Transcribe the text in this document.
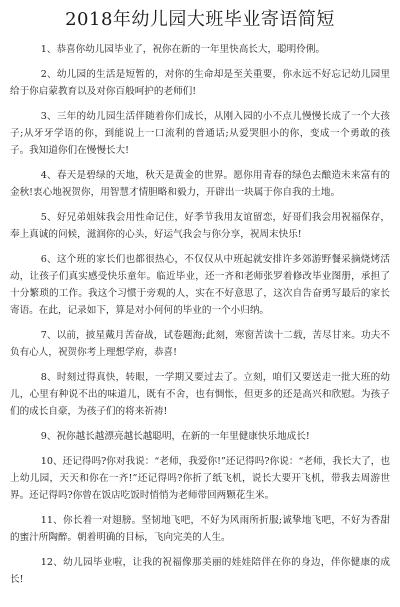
2018年幼儿园大班毕业寄语简短

1、恭喜你幼儿园毕业了，祝你在新的一年里快高长大，聪明伶俐。

2、幼儿园的生活是短暂的，对你的生命却是至关重要，你永远不好忘记幼儿园里给于你启蒙教育以及对你百般呵护的老师们!

3、三年的幼儿园生活伴随着你们成长，从刚入园的小不点儿慢慢长成了一个大孩子;从牙牙学语的你，到能说上一口流利的普通话;从爱哭胆小的你，变成一个勇敢的孩子。我知道你们在慢慢长大!

4、春天是碧绿的天地，秋天是黄金的世界。愿你用青春的绿色去酿造未来富有的金秋!衷心地祝贺你，用智慧才情胆略和毅力，开辟出一块属于你自我的土地。

5、好兄弟姐妹我会用性命记住，好季节我用友谊留恋，好哥们我会用祝福保存，奉上真诚的问候，滋润你的心头，好运气我会与你分享，祝周末快乐!

6、这个班的家长们也都很热心，不仅仅从中班起就安排许多郊游野餐采摘烧烤活动，让孩子们真实感受快乐童年。临近毕业，还一齐和老师张罗着修改毕业图册，承担了十分繁琐的工作。我这个习惯于旁观的人，实在不好意思了，这次自告奋勇写最后的家长寄语。在此，记录如下，算是对小何何的毕业的一个小归纳。

7、以前，披星戴月苦奋战，试卷题海;此刻，寒窗苦读十二载，苦尽甘来。功夫不负有心人，祝贺你考上理想学府，恭喜!

8、时刻过得真快，转眼，一学期又要过去了。立刻，咱们又要送走一批大班的幼儿，心里有种说不出的味道儿，既有不舍，也有惆怅，但更多的还是高兴和欣慰。为孩子们的成长自豪，为孩子们的将来祈祷!

9、祝你越长越漂亮越长越聪明，在新的一年里健康快乐地成长!

10、还记得吗?你对我说：“老师，我爱你!”还记得吗?你说：“老师，我长大了，也上幼儿园，天天和你在一齐!”还记得吗?你折了纸飞机，说长大要开飞机，带我去周游世界。还记得吗?你曾在饭店吃饭时悄悄为老师带回两颗花生米。

11、你长着一对翅膀。坚韧地飞吧，不好为风雨所折服;诚挚地飞吧，不好为香甜的蜜汁所陶醉。朝着明确的目标，飞向完美的人生。

12、幼儿园毕业啦，让我的祝福像那美丽的娃娃陪伴在你的身边，伴你健康的成长!
